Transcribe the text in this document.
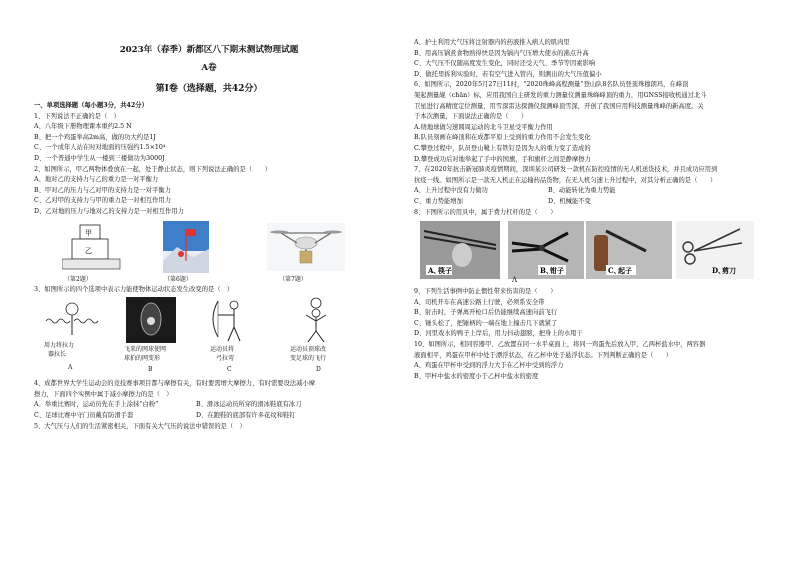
2023年（春季）新都区八下期末测试物理试题
A卷
第Ⅰ卷（选择题，共42分）
一、单项选择题（每小题3分，共42分）
1、下列说法不正确的是（　）
A、八年级下册物理课本重约2.5 N
B、把一个鸡蛋举高2m高，做的功大约是1J
C、一个成年人站在时对地面的压强约1.5×10⁴
D、一个普通中学生从一楼到三楼做功为3000J
2、如图所示，甲乙两物体叠放在一起，处于静止状态，则下列说法正确的是（　　）
A、地对乙的支持力与乙的重力是一对平衡力
B、甲对乙的压力与乙对甲的支持力是一对平衡力
C、乙对甲的支持力与甲的重力是一对相互作用力
D、乙对地的压力与地对乙的支持力是一对相互作用力
甲
乙
（第2题）	（第6题）	（第7题）
3、如图所示的四个选项中表示力能使物体运动状态发生改变的是（　）
用力将拉力
器拉长
A
飞来的网球使网
球拍的网变形
B
运动员将
弓拉弯
C
运动员顶球改
变足球的飞行
D
4、成都世界大学生运动会的竞技赛事项目都与摩擦有关，有时要需增大摩擦力，有时需要设法减小摩
擦力，下面四个实例中属于减小摩擦力的是（　）
A、举重比赛时，运动员先在手上涂抹“白粉”	B、滑冰运动员所穿的滑冰鞋底有冰刀
C、足球比赛中守门员戴有防滑手套	D、在跑鞋的底部有许多花纹和鞋钉
5、大气压与人们的生活紧密相关，下面有关大气压的说法中错误的是（　）
A、护士利用大气压将注射器内的药液推入病人的肌肉里
B、用高压锅煮食物熟得快是因为锅内气压增大使水的沸点升高
C、大气压不仅随高度发生变化，同时还受天气、季节等因素影响
D、做托里拆利实验时，若有空气进入管内，则测出的大气压值偏小
6、如图所示，2020年5月27日11时，“2020珠峰高程测量”登山队8名队员登顶珠穆朗玛，在峰顶
架起测量觇（chān）标，应用我国自主研发的重力测量仪测量珠峰峰顶的重力，用GNSS接收机通过北斗
卫星进行高精度定位测量，用雪深雷达探测仪探测峰顶雪深，开创了我国应用科技测量珠峰的新高度。关
于本次测量，下面说法正确的是（　　）
A.绕地球做匀速圆周运动的北斗卫星受平衡力作用
B.队员刻画在峰顶和在成都平原上受到的重力作用不会发生变化
C.攀登过程中，队员登山靴上有铁钉是因为人的重力变了造成的
D.攀登成功后对地举起了手中的国旗，手和旗杆之间是静摩擦力
7、在2020年抗击新冠肺炎疫情期间，深圳某公司研发一款机在防控疫情的无人机送货技术，并且成功应用到
抗疫一线。如图所示是一款无人机正在运输药品货物，在无人机匀速上升过程中，对其分析正确的是（　　）
A、上升过程中没有力做功	B、动能转化为重力势能
C、重力势能增加	D、机械能不变
8、下图所示的用具中，属于费力杠杆的是（　　）
A、
筷子	B、
钳子	C、
起子	D、
剪刀
Λ
9、下列生活事例中防止惯性带来伤害的是（　　）
A、司机开车在高速公路上行驶，必须系安全带
B、射击时，子弹离开枪口后仍能继续高速向前飞行
C、锤头松了，把锤柄的一端在地上撞击几下就紧了
D、河里戏水的鸭子上岸后，用力抖动翅膀，把身上的水甩干
10、如图所示，相同容器甲、乙放置在同一水平桌面上，将同一鸡蛋先后放入甲、乙两杯盐水中，两容器
液面相平，鸡蛋在甲杯中处于漂浮状态，在乙杯中处于悬浮状态。下列判断正确的是（　　）
A、鸡蛋在甲杯中受到的浮力大于在乙杯中受到的浮力
B、甲杯中盐水的密度小于乙杯中盐水的密度
